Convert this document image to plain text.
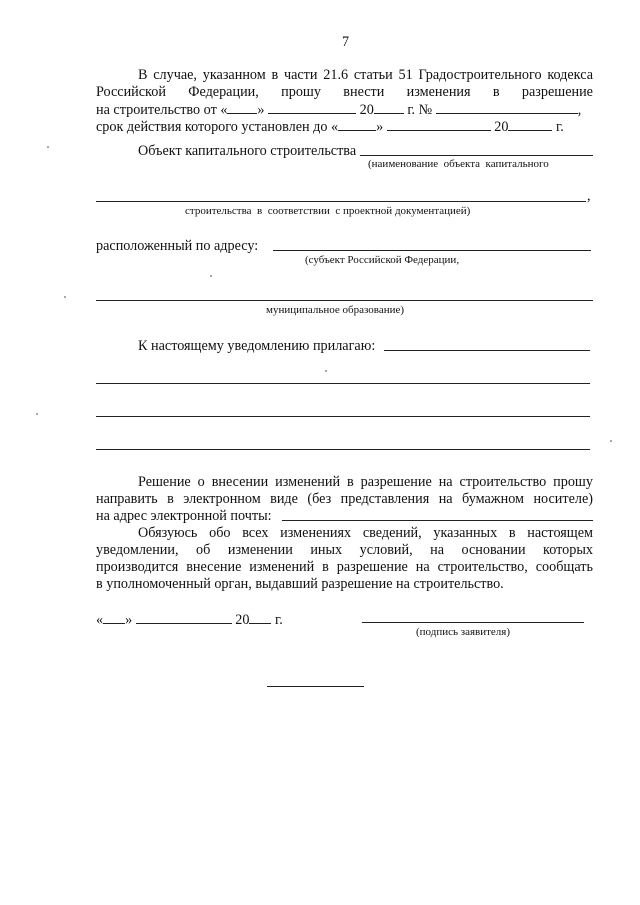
7
В случае, указанном в части 21.6 статьи 51 Градостроительного кодекса
Российской Федерации, прошу внести изменения в разрешение
на строительство от « »	20 г. №	,
срок действия которого установлен до «	»	20	г.
Объект капитального строительства
(наименование  объекта  капитального
,
строительства  в  соответствии  с проектной документацией)
расположенный по адресу:
(субъект Российской Федерации,
муниципальное образование)
К настоящему уведомлению прилагаю:
Решение о внесении изменений в разрешение на строительство прошу
направить в электронном виде (без представления на бумажном носителе)
на адрес электронной почты:
Обязуюсь обо всех изменениях сведений, указанных в настоящем
уведомлении, об изменении иных условий, на основании которых
производится внесение изменений в разрешение на строительство, сообщать
в уполномоченный орган, выдавший разрешение на строительство.
« »	20 г.
(подпись заявителя)
